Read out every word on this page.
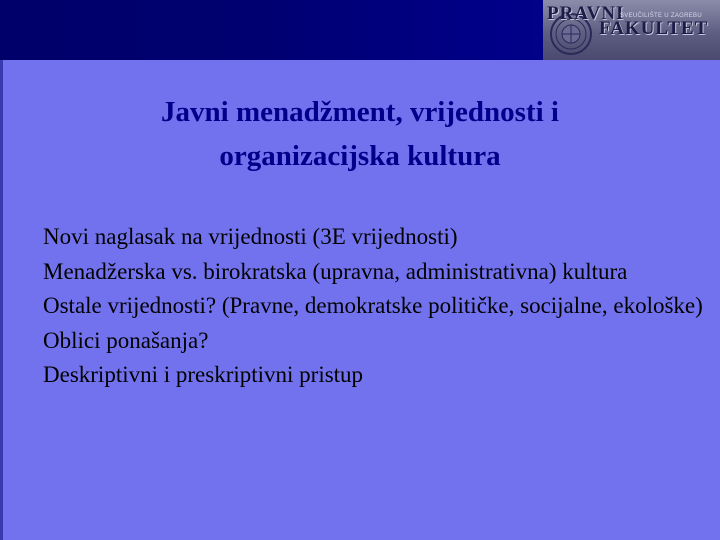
PRAVNI
SVEUČILIŠTE U ZAGREBU
FAKULTET
Javni menadžment, vrijednosti i
organizacijska kultura
Novi naglasak na vrijednosti (3E vrijednosti)
Menadžerska vs. birokratska (upravna, administrativna) kultura
Ostale vrijednosti? (Pravne, demokratske političke, socijalne, ekološke)
Oblici ponašanja?
Deskriptivni i preskriptivni pristup
